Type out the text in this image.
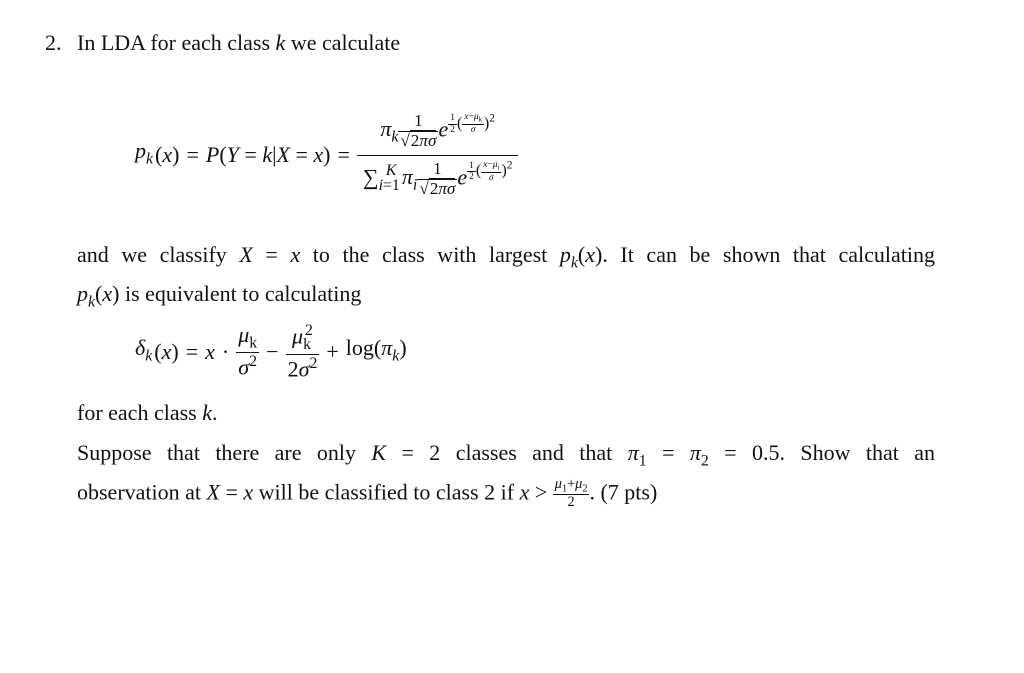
2. In LDA for each class k we calculate
$p_k$ $(x) = P(Y = k|X = x) = \pi_k \frac{1}{√2\pi\sigma}$ e $^{\frac{1}{2} ( \frac{x-\mu_k}{\sigma} )^2}$
$\sum_{i=1}^K$ $\pi_i \frac{1}{√2\pi\sigma}$ e $^{\frac{1}{2} ( \frac{x-\mu_i}{\sigma} )^2}$
and we classify X = x to the class with largest $p_k(x)$. It can be shown that calculating
$p_k(x)$ is equivalent to calculating
$\delta_k$ $(x) = x \cdot \frac{\mu_k}{\sigma^2} - \frac{\mu_k^2}{2\sigma^2} + \log(\pi_k)$
for each class k.
Suppose that there are only K = 2 classes and that $\pi_1 = \pi_2 = 0.5$. Show that an
observation at X = x will be classified to class 2 if $x > \frac{\mu_1+\mu_2}{2}$ . (7 pts)
